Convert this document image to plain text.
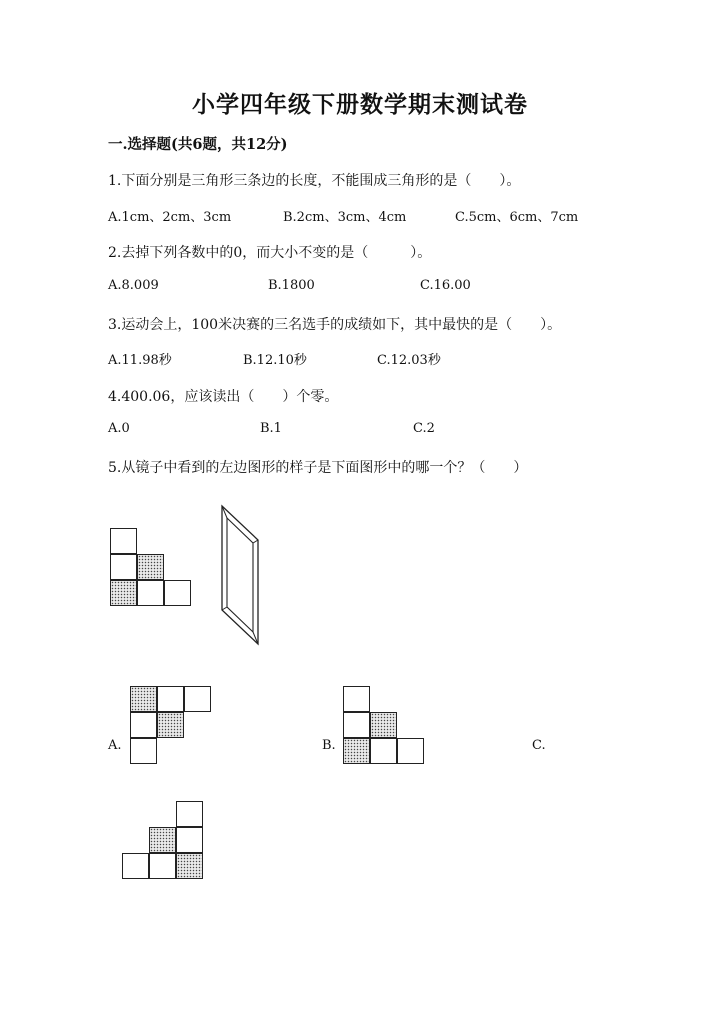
小学四年级下册数学期末测试卷
一.选择题(共6题，共12分)
1.下面分别是三角形三条边的长度，不能围成三角形的是（　　）。
A.1cm、2cm、3cm	B.2cm、3cm、4cm	C.5cm、6cm、7cm
2.去掉下列各数中的0，而大小不变的是（　　　）。
A.8.009	B.1800	C.16.00
3.运动会上，100米决赛的三名选手的成绩如下，其中最快的是（　　）。
A.11.98秒	B.12.10秒	C.12.03秒
4.400.06，应该读出（　　）个零。
A.0	B.1	C.2
5.从镜子中看到的左边图形的样子是下面图形中的哪一个？（　　）
A.	B.	C.
